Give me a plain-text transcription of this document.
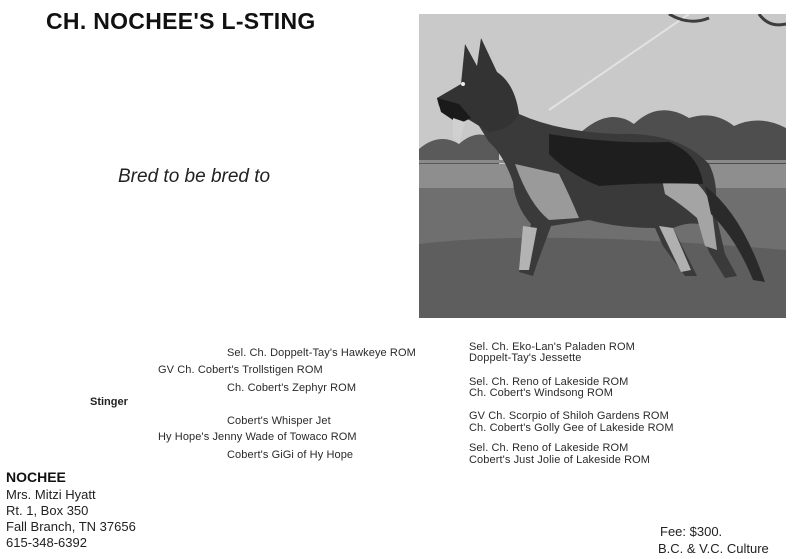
CH. NOCHEE'S L-STING
Bred to be bred to
Sel. Ch. Doppelt-Tay's Hawkeye ROM
GV Ch. Cobert's Trollstigen ROM
Ch. Cobert's Zephyr ROM
Stinger
Cobert's Whisper Jet
Hy Hope's Jenny Wade of Towaco ROM
Cobert's GiGi of Hy Hope
Sel. Ch. Eko-Lan's Paladen ROM
Doppelt-Tay's Jessette
Sel. Ch. Reno of Lakeside ROM
Ch. Cobert's Windsong ROM
GV Ch. Scorpio of Shiloh Gardens ROM
Ch. Cobert's Golly Gee of Lakeside ROM
Sel. Ch. Reno of Lakeside ROM
Cobert's Just Jolie of Lakeside ROM
NOCHEE
Mrs. Mitzi Hyatt
Rt. 1, Box 350
Fall Branch, TN 37656
615-348-6392
Fee: $300.
B.C. & V.C. Culture
